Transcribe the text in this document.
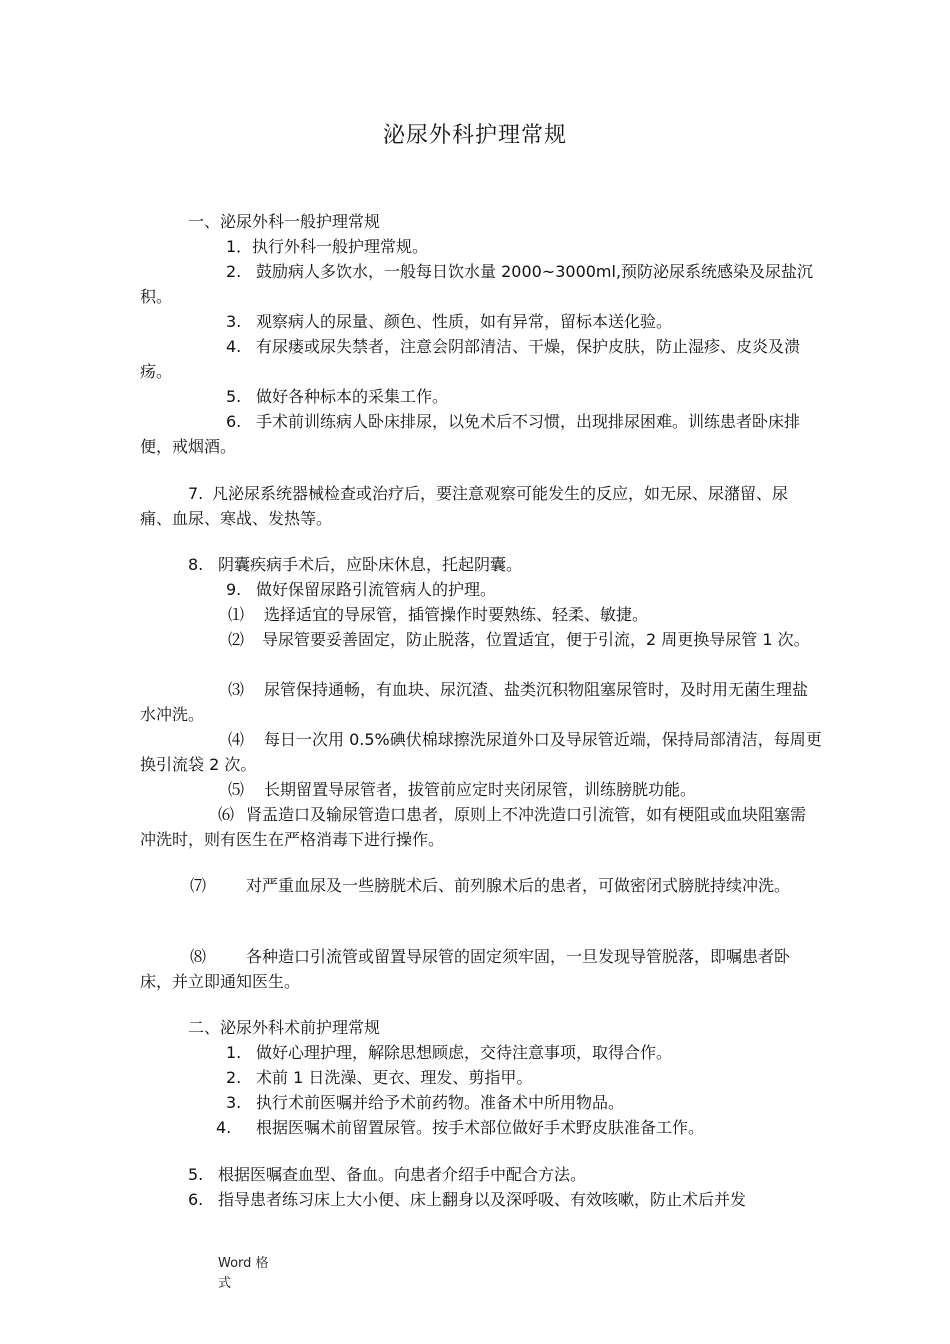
泌尿外科护理常规
一、泌尿外科一般护理常规
1．执行外科一般护理常规。
2. 鼓励病人多饮水，一般每日饮水量 2000~3000ml,预防泌尿系统感染及尿盐沉积。
3. 观察病人的尿量、颜色、性质，如有异常，留标本送化验。
4. 有尿瘘或尿失禁者，注意会阴部清洁、干燥，保护皮肤，防止湿疹、皮炎及溃疡。
5. 做好各种标本的采集工作。
6. 手术前训练病人卧床排尿，以免术后不习惯，出现排尿困难。训练患者卧床排便，戒烟酒。
7. 凡泌尿系统器械检查或治疗后，要注意观察可能发生的反应，如无尿、尿潴留、尿痛、血尿、寒战、发热等。
8. 阴囊疾病手术后，应卧床休息，托起阴囊。
9. 做好保留尿路引流管病人的护理。
⑴ 选择适宜的导尿管，插管操作时要熟练、轻柔、敏捷。
⑵ 导尿管要妥善固定，防止脱落，位置适宜，便于引流，2 周更换导尿管 1 次。
⑶ 尿管保持通畅，有血块、尿沉渣、盐类沉积物阻塞尿管时，及时用无菌生理盐水冲洗。
⑷ 每日一次用 0.5%碘伏棉球擦洗尿道外口及导尿管近端，保持局部清洁，每周更换引流袋 2 次。
⑸ 长期留置导尿管者，拔管前应定时夹闭尿管，训练膀胱功能。
⑹ 肾盂造口及输尿管造口患者，原则上不冲洗造口引流管，如有梗阻或血块阻塞需冲洗时，则有医生在严格消毒下进行操作。
⑺ 对严重血尿及一些膀胱术后、前列腺术后的患者，可做密闭式膀胱持续冲洗。
⑻ 各种造口引流管或留置导尿管的固定须牢固，一旦发现导管脱落，即嘱患者卧床，并立即通知医生。
二、泌尿外科术前护理常规
1. 做好心理护理，解除思想顾虑，交待注意事项，取得合作。
2. 术前 1 日洗澡、更衣、理发、剪指甲。
3. 执行术前医嘱并给予术前药物。准备术中所用物品。
4. 根据医嘱术前留置尿管。按手术部位做好手术野皮肤准备工作。
5. 根据医嘱查血型、备血。向患者介绍手中配合方法。
6. 指导患者练习床上大小便、床上翻身以及深呼吸、有效咳嗽，防止术后并发
Word 格式
